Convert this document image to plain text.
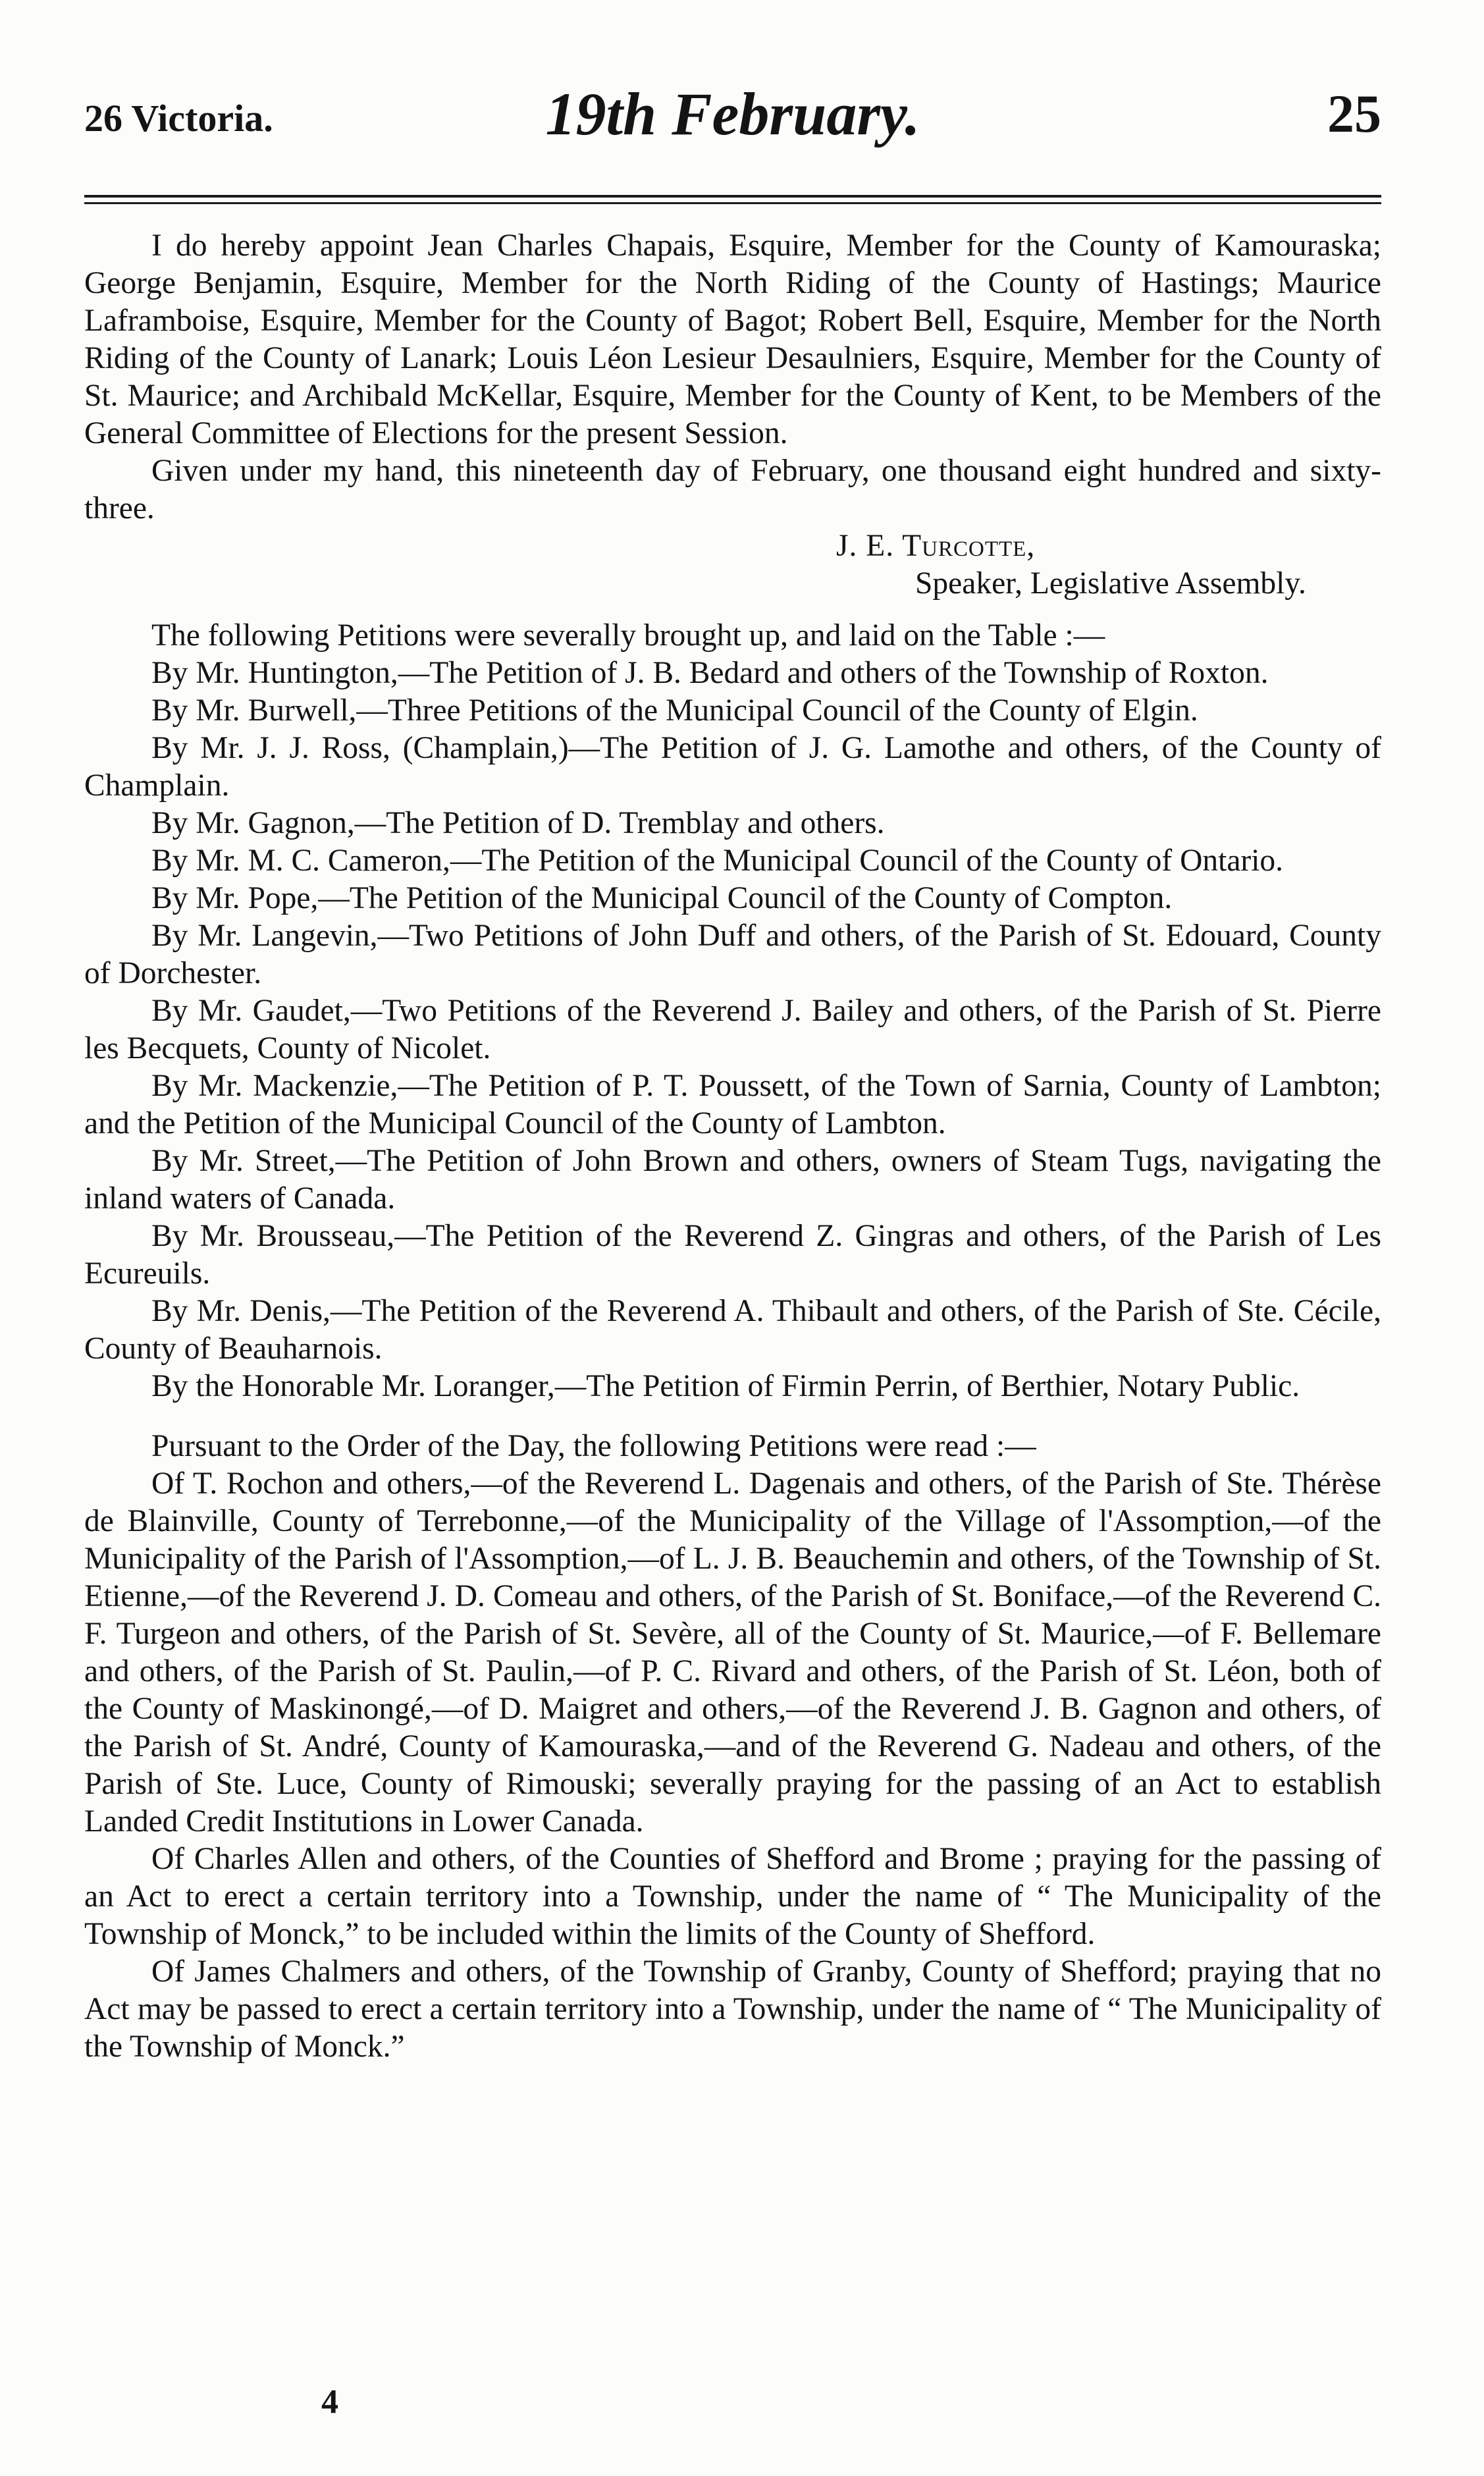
26 Victoria.	19th February.	25

I do hereby appoint Jean Charles Chapais, Esquire, Member for the County of Kamouraska; George Benjamin, Esquire, Member for the North Riding of the County of Hastings; Maurice Laframboise, Esquire, Member for the County of Bagot; Robert Bell, Esquire, Member for the North Riding of the County of Lanark; Louis Léon Lesieur Desaulniers, Esquire, Member for the County of St. Maurice; and Archibald McKellar, Esquire, Member for the County of Kent, to be Members of the General Committee of Elections for the present Session.

Given under my hand, this nineteenth day of February, one thousand eight hundred and sixty-three.

J. E. Turcotte,

Speaker, Legislative Assembly.

The following Petitions were severally brought up, and laid on the Table :—

By Mr. Huntington,—The Petition of J. B. Bedard and others of the Township of Roxton.

By Mr. Burwell,—Three Petitions of the Municipal Council of the County of Elgin.

By Mr. J. J. Ross, (Champlain,)—The Petition of J. G. Lamothe and others, of the County of Champlain.

By Mr. Gagnon,—The Petition of D. Tremblay and others.

By Mr. M. C. Cameron,—The Petition of the Municipal Council of the County of Ontario.

By Mr. Pope,—The Petition of the Municipal Council of the County of Compton.

By Mr. Langevin,—Two Petitions of John Duff and others, of the Parish of St. Edouard, County of Dorchester.

By Mr. Gaudet,—Two Petitions of the Reverend J. Bailey and others, of the Parish of St. Pierre les Becquets, County of Nicolet.

By Mr. Mackenzie,—The Petition of P. T. Poussett, of the Town of Sarnia, County of Lambton; and the Petition of the Municipal Council of the County of Lambton.

By Mr. Street,—The Petition of John Brown and others, owners of Steam Tugs, navigating the inland waters of Canada.

By Mr. Brousseau,—The Petition of the Reverend Z. Gingras and others, of the Parish of Les Ecureuils.

By Mr. Denis,—The Petition of the Reverend A. Thibault and others, of the Parish of Ste. Cécile, County of Beauharnois.

By the Honorable Mr. Loranger,—The Petition of Firmin Perrin, of Berthier, Notary Public.

Pursuant to the Order of the Day, the following Petitions were read :—

Of T. Rochon and others,—of the Reverend L. Dagenais and others, of the Parish of Ste. Thérèse de Blainville, County of Terrebonne,—of the Municipality of the Village of l'Assomption,—of the Municipality of the Parish of l'Assomption,—of L. J. B. Beauchemin and others, of the Township of St. Etienne,—of the Reverend J. D. Comeau and others, of the Parish of St. Boniface,—of the Reverend C. F. Turgeon and others, of the Parish of St. Sevère, all of the County of St. Maurice,—of F. Bellemare and others, of the Parish of St. Paulin,—of P. C. Rivard and others, of the Parish of St. Léon, both of the County of Maskinongé,—of D. Maigret and others,—of the Reverend J. B. Gagnon and others, of the Parish of St. André, County of Kamouraska,—and of the Reverend G. Nadeau and others, of the Parish of Ste. Luce, County of Rimouski; severally praying for the passing of an Act to establish Landed Credit Institutions in Lower Canada.

Of Charles Allen and others, of the Counties of Shefford and Brome ; praying for the passing of an Act to erect a certain territory into a Township, under the name of “ The Municipality of the Township of Monck,” to be included within the limits of the County of Shefford.

Of James Chalmers and others, of the Township of Granby, County of Shefford; praying that no Act may be passed to erect a certain territory into a Township, under the name of “ The Municipality of the Township of Monck.”

4
